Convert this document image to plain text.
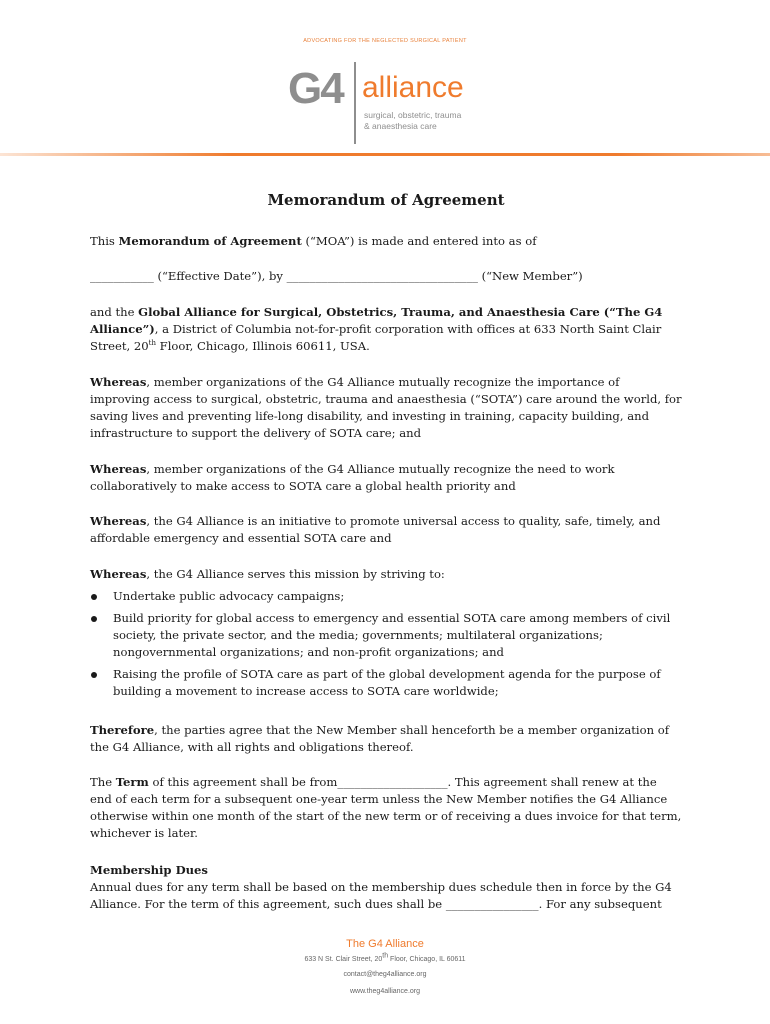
ADVOCATING FOR THE NEGLECTED SURGICAL PATIENT
G4 alliance
surgical, obstetric, trauma
& anaesthesia care
Memorandum of Agreement

This Memorandum of Agreement (“MOA”) is made and entered into as of

___________ (“Effective Date”), by _________________________________ (“New Member”)

and the Global Alliance for Surgical, Obstetrics, Trauma, and Anaesthesia Care (“The G4 Alliance”), a District of Columbia not-for-profit corporation with offices at 633 North Saint Clair Street, 20th Floor, Chicago, Illinois 60611, USA.

Whereas, member organizations of the G4 Alliance mutually recognize the importance of improving access to surgical, obstetric, trauma and anaesthesia (“SOTA”) care around the world, for saving lives and preventing life-long disability, and investing in training, capacity building, and infrastructure to support the delivery of SOTA care; and

Whereas, member organizations of the G4 Alliance mutually recognize the need to work collaboratively to make access to SOTA care a global health priority and

Whereas, the G4 Alliance is an initiative to promote universal access to quality, safe, timely, and affordable emergency and essential SOTA care and

Whereas, the G4 Alliance serves this mission by striving to:

Undertake public advocacy campaigns;
Build priority for global access to emergency and essential SOTA care among members of civil society, the private sector, and the media; governments; multilateral organizations; nongovernmental organizations; and non-profit organizations; and
Raising the profile of SOTA care as part of the global development agenda for the purpose of building a movement to increase access to SOTA care worldwide;

Therefore, the parties agree that the New Member shall henceforth be a member organization of the G4 Alliance, with all rights and obligations thereof.

The Term of this agreement shall be from___________________. This agreement shall renew at the end of each term for a subsequent one-year term unless the New Member notifies the G4 Alliance otherwise within one month of the start of the new term or of receiving a dues invoice for that term, whichever is later.

Membership Dues

Annual dues for any term shall be based on the membership dues schedule then in force by the G4 Alliance. For the term of this agreement, such dues shall be ________________. For any subsequent

The G4 Alliance
633 N St. Clair Street, 20th Floor, Chicago, IL 60611
contact@theg4alliance.org
www.theg4alliance.org
